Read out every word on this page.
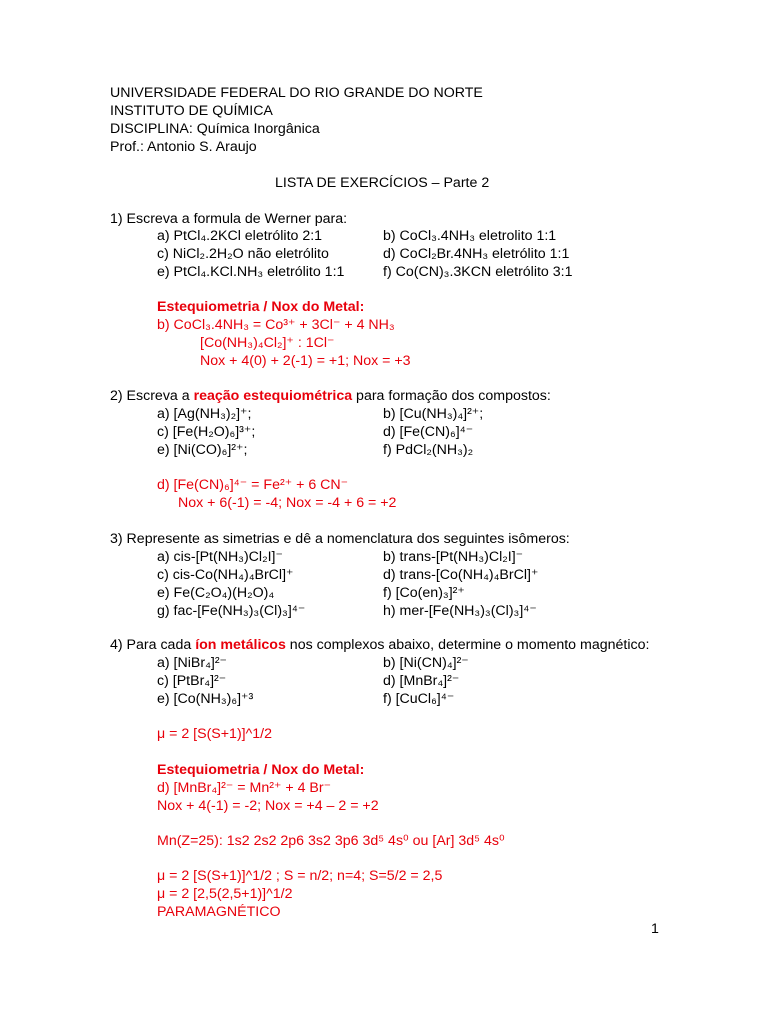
UNIVERSIDADE FEDERAL DO RIO GRANDE DO NORTE
INSTITUTO DE QUÍMICA
DISCIPLINA: Química Inorgânica
Prof.: Antonio S. Araujo
LISTA DE EXERCÍCIOS – Parte 2
1) Escreva a formula de Werner para:
a) PtCl₄.2KCl eletrólito 2:1	b) CoCl₃.4NH₃ eletrolito 1:1
c) NiCl₂.2H₂O não eletrólito	d) CoCl₂Br.4NH₃ eletrólito 1:1
e) PtCl₄.KCl.NH₃ eletrólito 1:1	f) Co(CN)₃.3KCN eletrólito 3:1
Estequiometria / Nox do Metal:
b) CoCl₃.4NH₃ = Co³⁺ + 3Cl⁻ + 4 NH₃
[Co(NH₃)₄Cl₂]⁺ : 1Cl⁻
Nox + 4(0) + 2(-1) = +1; Nox = +3
2) Escreva a reação estequiométrica para formação dos compostos:
a) [Ag(NH₃)₂]⁺;	b) [Cu(NH₃)₄]²⁺;
c) [Fe(H₂O)₆]³⁺;	d) [Fe(CN)₆]⁴⁻
e) [Ni(CO)₆]²⁺;	f) PdCl₂(NH₃)₂
d) [Fe(CN)₆]⁴⁻ = Fe²⁺ + 6 CN⁻
Nox + 6(-1) = -4; Nox = -4 + 6 = +2
3) Represente as simetrias e dê a nomenclatura dos seguintes isômeros:
a) cis-[Pt(NH₃)Cl₂I]⁻	b) trans-[Pt(NH₃)Cl₂I]⁻
c) cis-Co(NH₄)₄BrCl]⁺	d) trans-[Co(NH₄)₄BrCl]⁺
e) Fe(C₂O₄)(H₂O)₄	f) [Co(en)₃]²⁺
g) fac-[Fe(NH₃)₃(Cl)₃]⁴⁻	h) mer-[Fe(NH₃)₃(Cl)₃]⁴⁻
4) Para cada íon metálicos nos complexos abaixo, determine o momento magnético:
a) [NiBr₄]²⁻	b) [Ni(CN)₄]²⁻
c) [PtBr₄]²⁻	d) [MnBr₄]²⁻
e) [Co(NH₃)₆]⁺³	f) [CuCl₆]⁴⁻
μ = 2 [S(S+1)]^1/2
Estequiometria / Nox do Metal:
d) [MnBr₄]²⁻ = Mn²⁺ + 4 Br⁻
Nox + 4(-1) = -2; Nox = +4 – 2 = +2
Mn(Z=25): 1s2 2s2 2p6 3s2 3p6 3d⁵ 4s⁰ ou [Ar] 3d⁵ 4s⁰
μ = 2 [S(S+1)]^1/2 ; S = n/2; n=4; S=5/2 = 2,5
μ = 2 [2,5(2,5+1)]^1/2
PARAMAGNÉTICO
1
